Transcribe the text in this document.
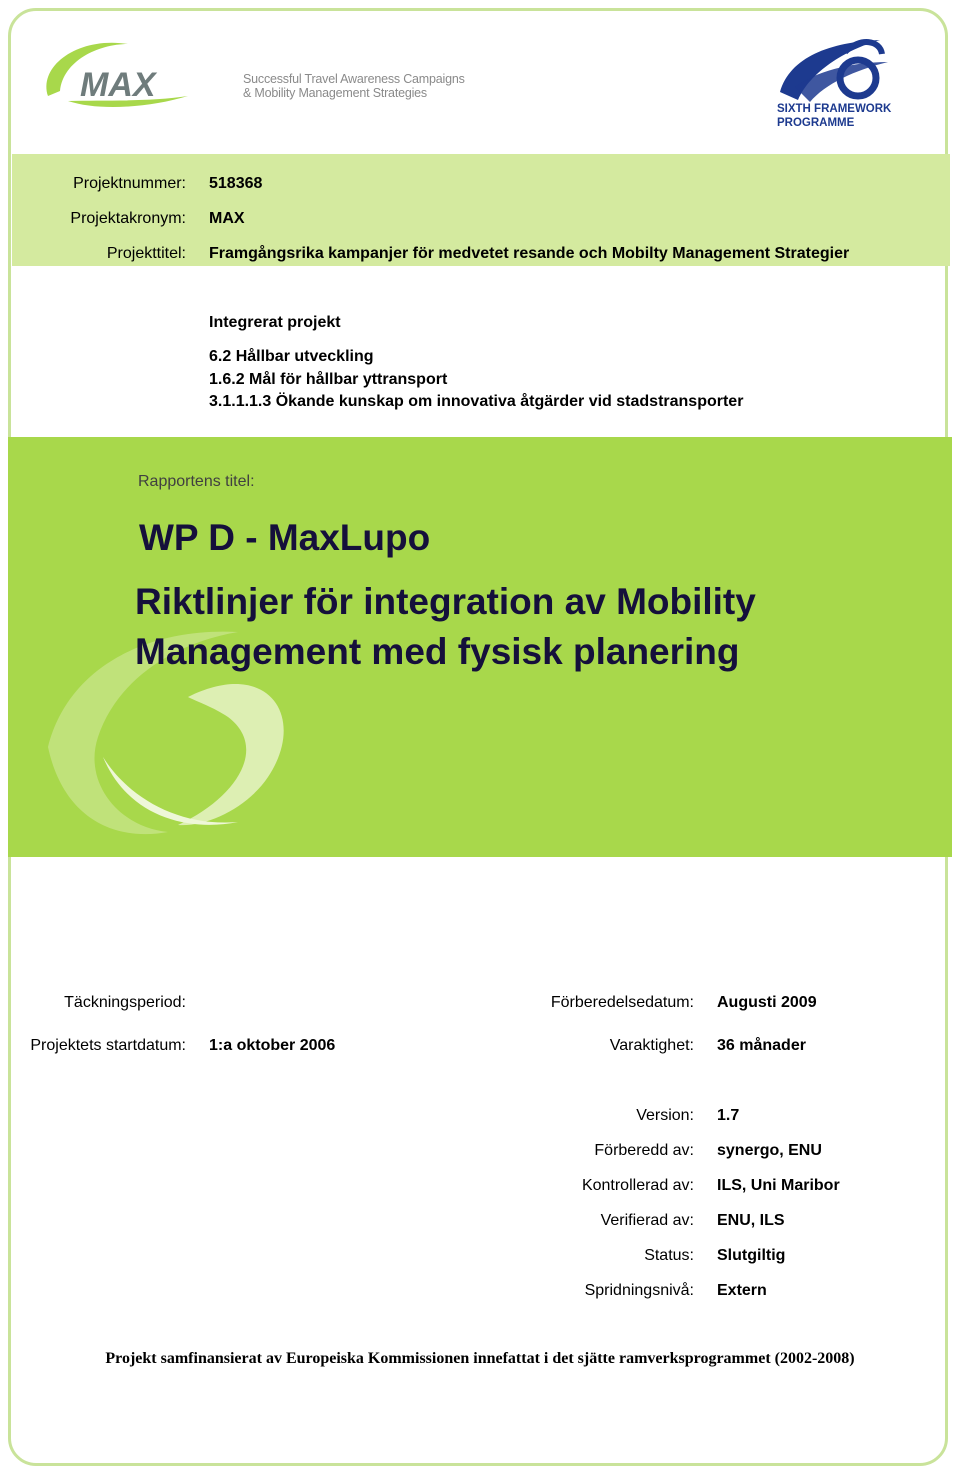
MAX	Successful Travel Awareness Campaigns
& Mobility Management Strategies
SIXTH FRAMEWORK
PROGRAMME
Projektnummer: 518368
Projektakronym: MAX
Projekttitel: Framgångsrika kampanjer för medvetet resande och Mobilty Management Strategier
Integrerat projekt
6.2 Hållbar utveckling
1.6.2 Mål för hållbar yttransport
3.1.1.1.3 Ökande kunskap om innovativa åtgärder vid stadstransporter
Rapportens titel:
WP D - MaxLupo
Riktlinjer för integration av Mobility
Management med fysisk planering
Täckningsperiod:	Förberedelsedatum: Augusti 2009
Projektets startdatum: 1:a oktober 2006	Varaktighet: 36 månader
Version: 1.7
Förberedd av: synergo, ENU
Kontrollerad av: ILS, Uni Maribor
Verifierad av: ENU, ILS
Status: Slutgiltig
Spridningsnivå: Extern
Projekt samfinansierat av Europeiska Kommissionen innefattat i det sjätte ramverksprogrammet (2002-2008)
